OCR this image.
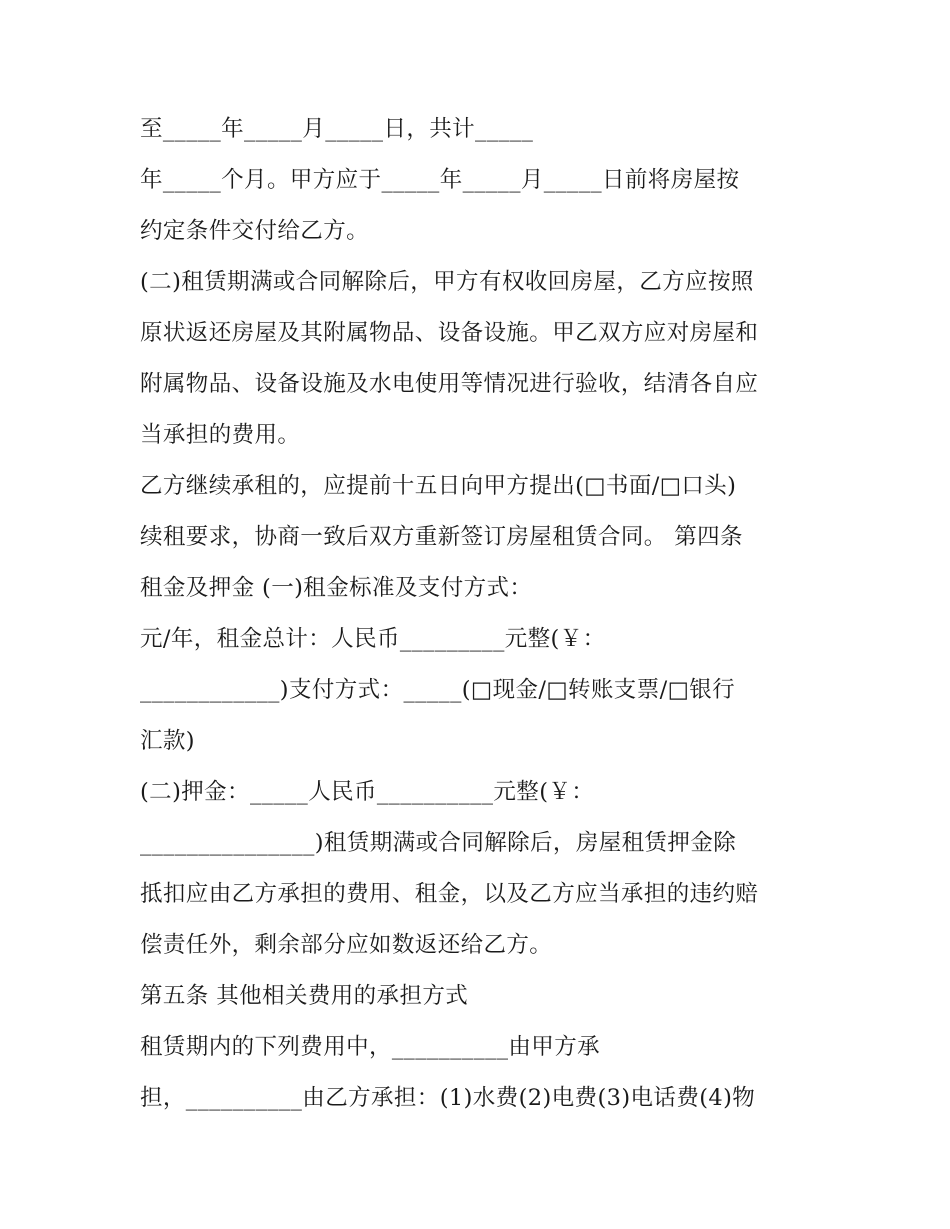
至_____年_____月_____日，共计_____
年_____个月。甲方应于_____年_____月_____日前将房屋按
约定条件交付给乙方。
(二)租赁期满或合同解除后，甲方有权收回房屋，乙方应按照
原状返还房屋及其附属物品、设备设施。甲乙双方应对房屋和
附属物品、设备设施及水电使用等情况进行验收，结清各自应
当承担的费用。
乙方继续承租的，应提前十五日向甲方提出(□书面/□口头)
续租要求，协商一致后双方重新签订房屋租赁合同。 第四条
租金及押金 (一)租金标准及支付方式：
元/年，租金总计：人民币_________元整(￥：
____________)支付方式：_____(□现金/□转账支票/□银行
汇款)
(二)押金：_____人民币__________元整(￥：
_______________)租赁期满或合同解除后，房屋租赁押金除
抵扣应由乙方承担的费用、租金，以及乙方应当承担的违约赔
偿责任外，剩余部分应如数返还给乙方。
第五条 其他相关费用的承担方式
租赁期内的下列费用中，__________由甲方承
担，__________由乙方承担：(1)水费(2)电费(3)电话费(4)物
